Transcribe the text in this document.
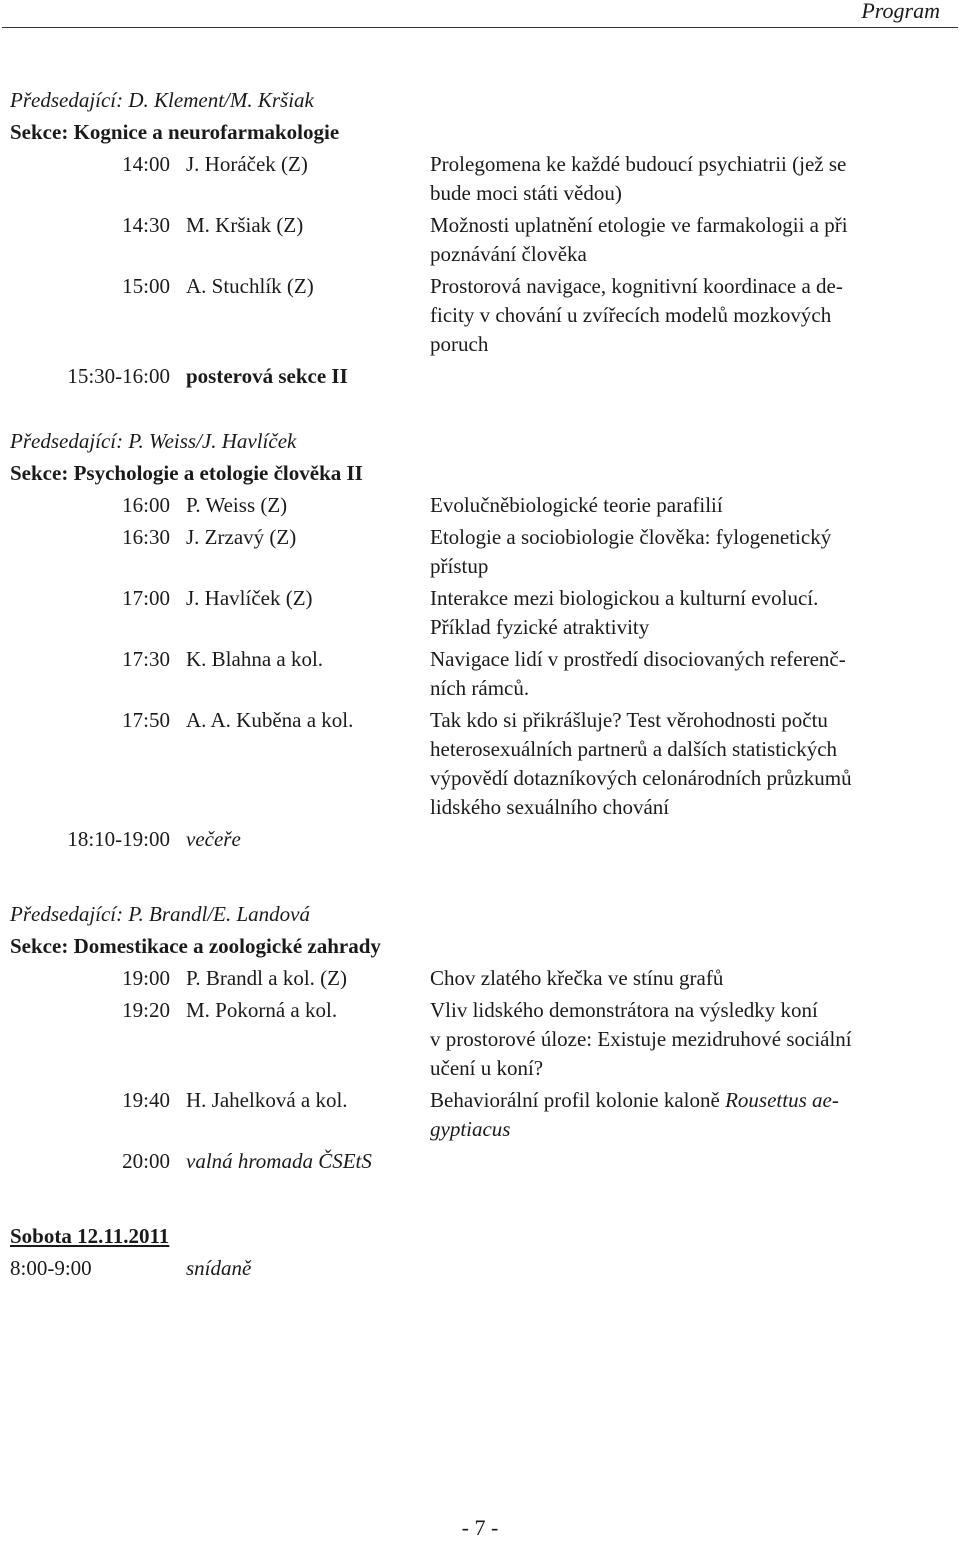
Program
Předsedající: D. Klement/M. Kršiak
Sekce: Kognice a neurofarmakologie
14:00 J. Horáček (Z)	Prolegomena ke každé budoucí psychiatrii (jež se
bude moci státi vědou)
14:30 M. Kršiak (Z)	Možnosti uplatnění etologie ve farmakologii a při
poznávání člověka
15:00 A. Stuchlík (Z)	Prostorová navigace, kognitivní koordinace a de-
ficity v chování u zvířecích modelů mozkových
poruch
15:30-16:00 posterová sekce II
Předsedající: P. Weiss/J. Havlíček
Sekce: Psychologie a etologie člověka II
16:00 P. Weiss (Z)	Evolučněbiologické teorie parafilií
16:30 J. Zrzavý (Z)	Etologie a sociobiologie člověka: fylogenetický
přístup
17:00 J. Havlíček (Z)	Interakce mezi biologickou a kulturní evolucí.
Příklad fyzické atraktivity
17:30 K. Blahna a kol.	Navigace lidí v prostředí disociovaných referenč-
ních rámců.
17:50 A. A. Kuběna a kol.	Tak kdo si přikrášluje? Test věrohodnosti počtu
heterosexuálních partnerů a dalších statistických
výpovědí dotazníkových celonárodních průzkumů
lidského sexuálního chování
18:10-19:00 večeře
Předsedající: P. Brandl/E. Landová
Sekce: Domestikace a zoologické zahrady
19:00 P. Brandl a kol. (Z)	Chov zlatého křečka ve stínu grafů
19:20 M. Pokorná a kol.	Vliv lidského demonstrátora na výsledky koní
v prostorové úloze: Existuje mezidruhové sociální
učení u koní?
19:40 H. Jahelková a kol.	Behaviorální profil kolonie kaloně Rousettus ae-
gyptiacus
20:00 valná hromada ČSEtS
Sobota 12.11.2011
8:00-9:00	snídaně
- 7 -
